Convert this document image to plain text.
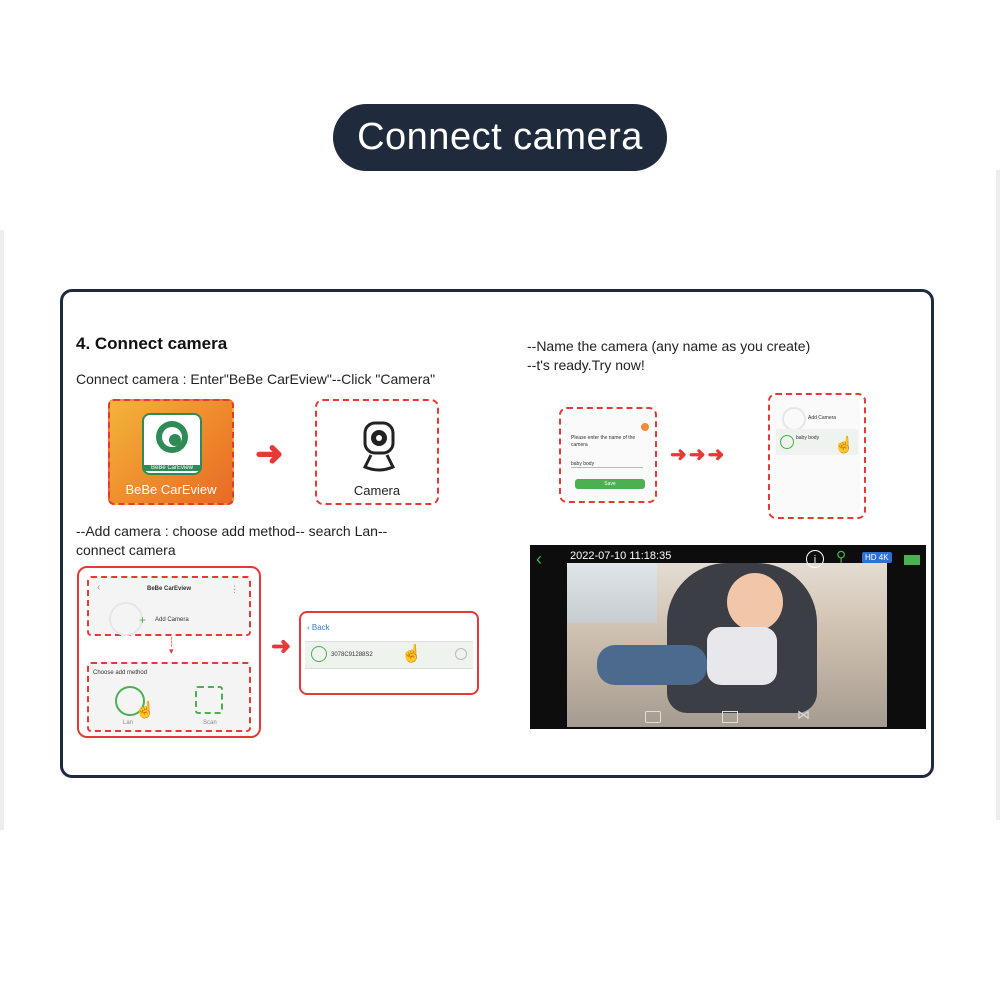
Connect camera
4. Connect camera
Connect camera : Enter"BeBe CarEview"--Click "Camera"
BeBe CarEview
BeBe CarEview
➜
Camera
--Add camera : choose add method-- search Lan--
connect camera
‹	BeBe CarEview	⋮
+ Add Camera
┆
▾
Choose add method
☝
Lan	Scan
➜
‹ Back
3078C91288S2 ☝
--Name the camera (any name as you create)
--t's ready.Try now!
Please enter the name of the camera
baby body
Save
➜➜➜
Add Camera
baby body ☝
‹	2022-07-10 11:18:35	i	⚲	HD 4K
⋈
